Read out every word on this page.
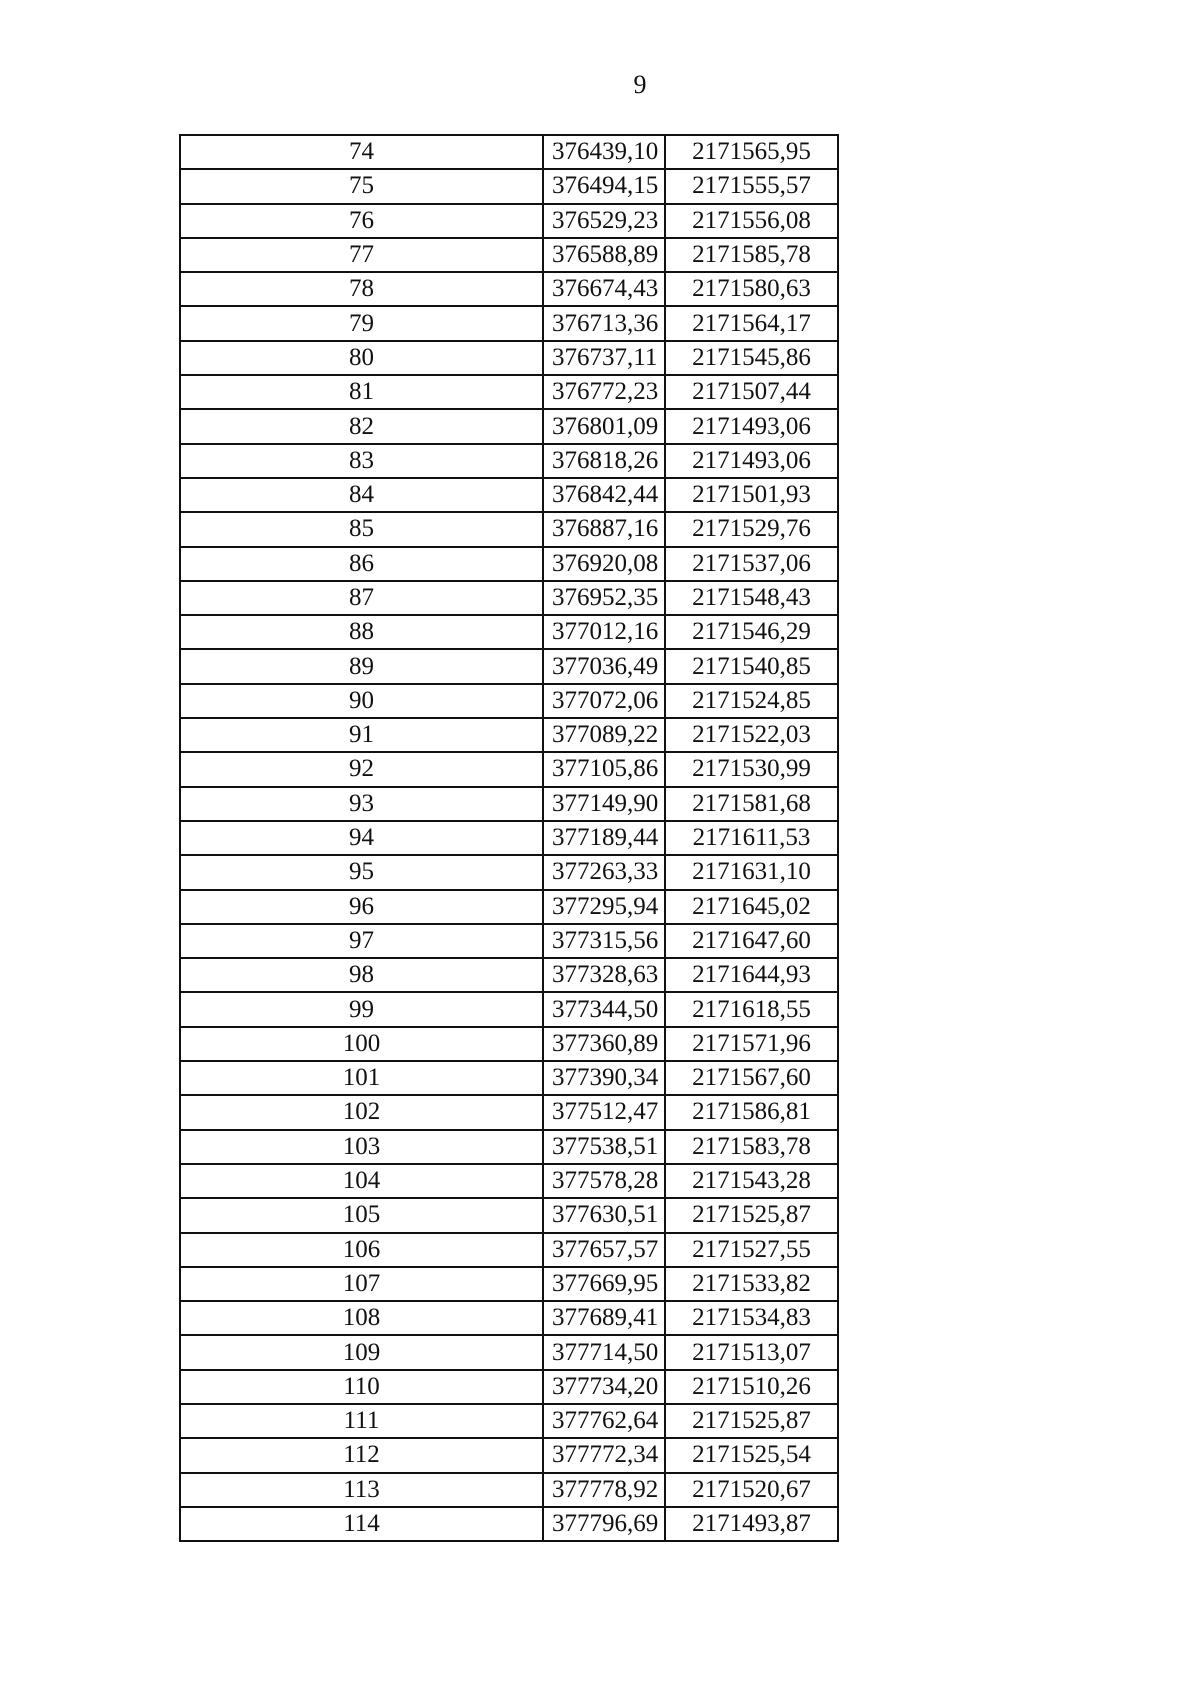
9
74	376439,10	2171565,95
75	376494,15	2171555,57
76	376529,23	2171556,08
77	376588,89	2171585,78
78	376674,43	2171580,63
79	376713,36	2171564,17
80	376737,11	2171545,86
81	376772,23	2171507,44
82	376801,09	2171493,06
83	376818,26	2171493,06
84	376842,44	2171501,93
85	376887,16	2171529,76
86	376920,08	2171537,06
87	376952,35	2171548,43
88	377012,16	2171546,29
89	377036,49	2171540,85
90	377072,06	2171524,85
91	377089,22	2171522,03
92	377105,86	2171530,99
93	377149,90	2171581,68
94	377189,44	2171611,53
95	377263,33	2171631,10
96	377295,94	2171645,02
97	377315,56	2171647,60
98	377328,63	2171644,93
99	377344,50	2171618,55
100	377360,89	2171571,96
101	377390,34	2171567,60
102	377512,47	2171586,81
103	377538,51	2171583,78
104	377578,28	2171543,28
105	377630,51	2171525,87
106	377657,57	2171527,55
107	377669,95	2171533,82
108	377689,41	2171534,83
109	377714,50	2171513,07
110	377734,20	2171510,26
111	377762,64	2171525,87
112	377772,34	2171525,54
113	377778,92	2171520,67
114	377796,69	2171493,87
